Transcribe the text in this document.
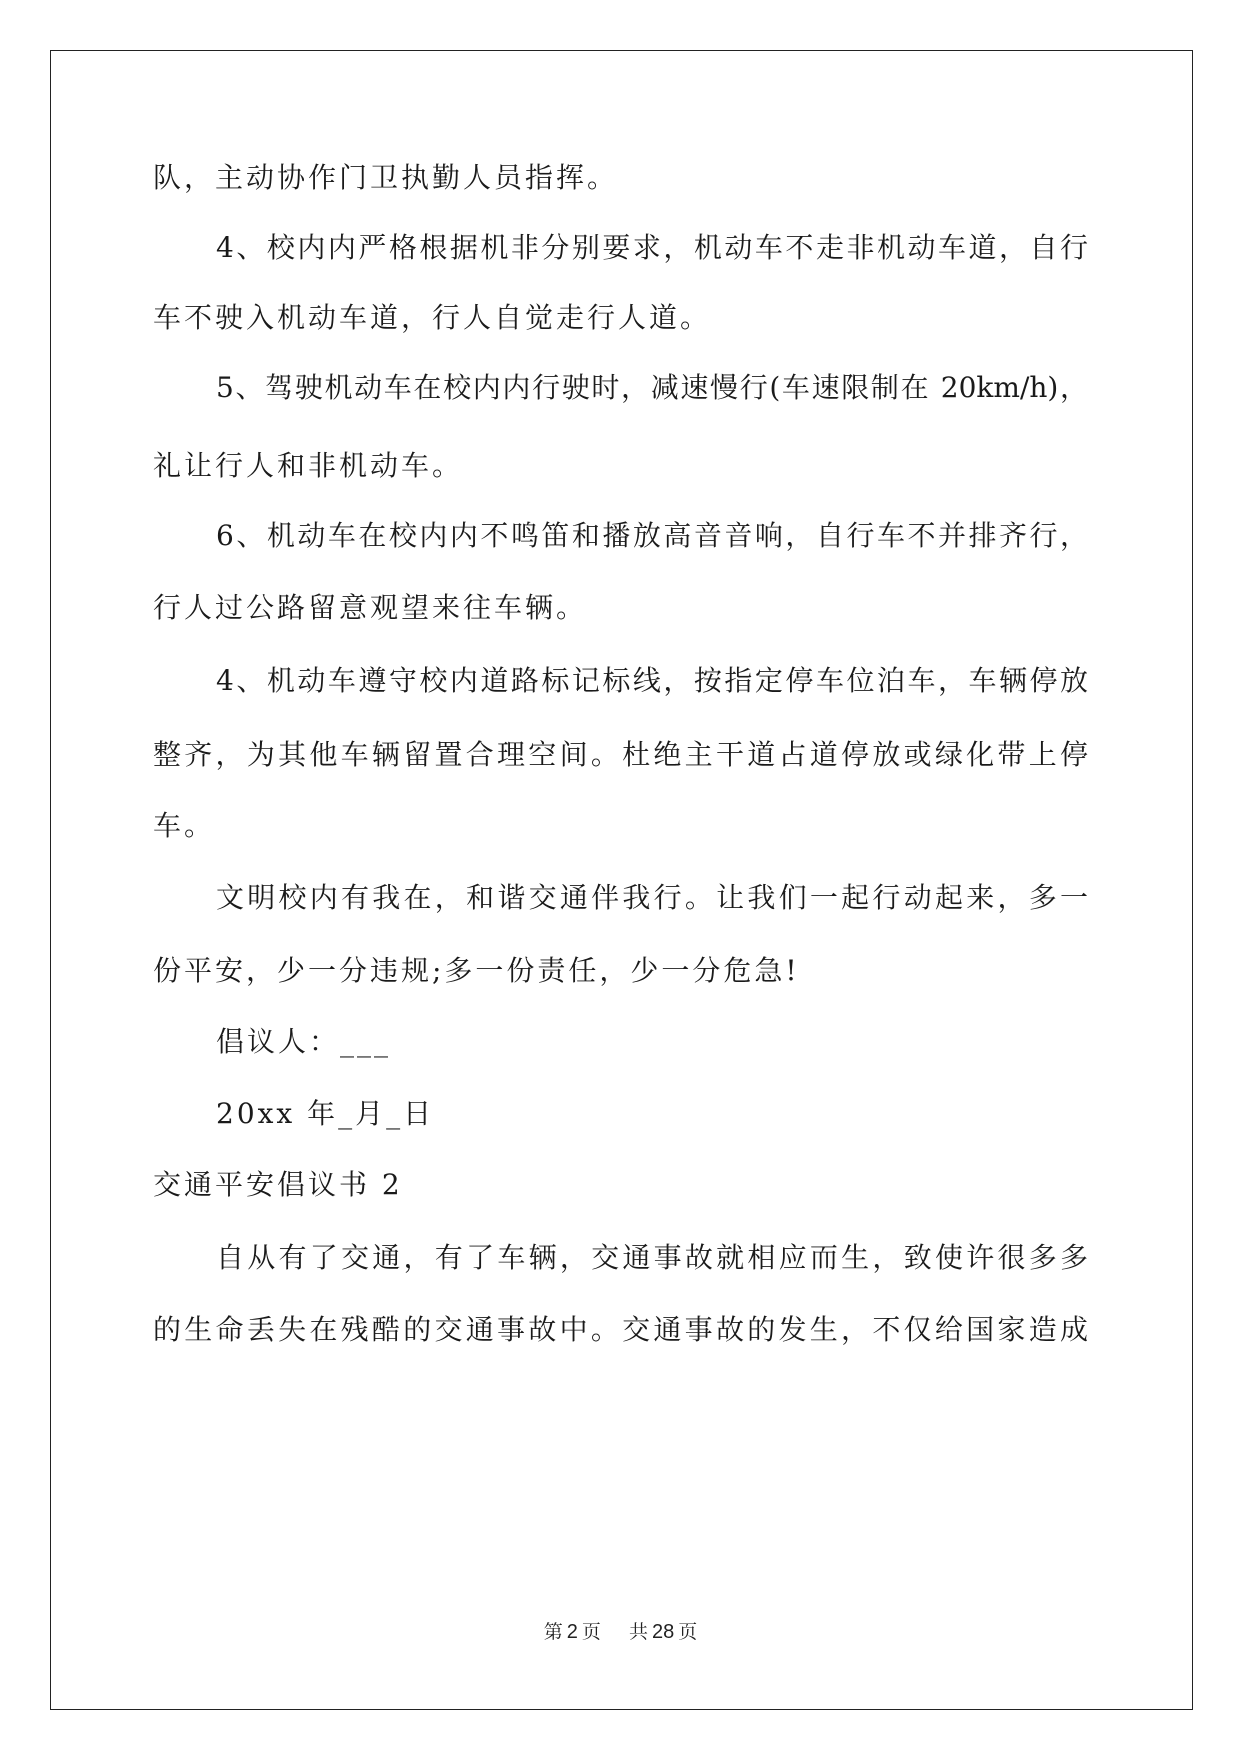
队，主动协作门卫执勤人员指挥。
4、校内内严格根据机非分别要求，机动车不走非机动车道，自行
车不驶入机动车道，行人自觉走行人道。
5、驾驶机动车在校内内行驶时，减速慢行(车速限制在 20km/h)，
礼让行人和非机动车。
6、机动车在校内内不鸣笛和播放高音音响，自行车不并排齐行，
行人过公路留意观望来往车辆。
4、机动车遵守校内道路标记标线，按指定停车位泊车，车辆停放
整齐，为其他车辆留置合理空间。杜绝主干道占道停放或绿化带上停
车。
文明校内有我在，和谐交通伴我行。让我们一起行动起来，多一
份平安，少一分违规;多一份责任，少一分危急!
倡议人：___
20xx 年_月_日
交通平安倡议书 2
自从有了交通，有了车辆，交通事故就相应而生，致使许很多多
的生命丢失在残酷的交通事故中。交通事故的发生，不仅给国家造成
第 2 页 共 28 页
